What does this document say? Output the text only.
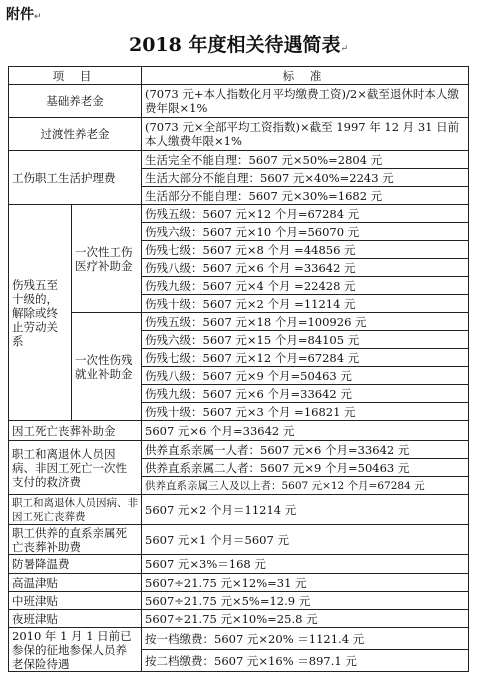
附件↵
2018 年度相关待遇简表↵
项 目		标 准
基础养老金		(7073 元+本人指数化月平均缴费工资)/2×截至退休时本人缴费年限×1%
过渡性养老金		(7073 元×全部平均工资指数)×截至 1997 年 12 月 31 日前本人缴费年限×1%
工伤职工生活护理费		生活完全不能自理：5607 元×50%=2804 元
		生活大部分不能自理：5607 元×40%=2243 元
		生活部分不能自理：5607 元×30%=1682 元
伤残五至十级的，解除或终止劳动关系	一次性工伤医疗补助金	伤残五级：5607 元×12 个月=67284 元
		伤残六级：5607 元×10 个月=56070 元
		伤残七级：5607 元×8 个月 =44856 元
		伤残八级：5607 元×6 个月 =33642 元
		伤残九级：5607 元×4 个月 =22428 元
		伤残十级：5607 元×2 个月 =11214 元
	一次性伤残就业补助金	伤残五级：5607 元×18 个月=100926 元
		伤残六级：5607 元×15 个月=84105 元
		伤残七级：5607 元×12 个月=67284 元
		伤残八级：5607 元×9 个月=50463 元
		伤残九级：5607 元×6 个月=33642 元
		伤残十级：5607 元×3 个月 =16821 元
因工死亡丧葬补助金		5607 元×6 个月=33642 元
职工和离退休人员因病、非因工死亡一次性支付的救济费		供养直系亲属一人者：5607 元×6 个月=33642 元
		供养直系亲属二人者：5607 元×9 个月=50463 元
		供养直系亲属三人及以上者：5607 元×12 个月=67284 元
职工和离退休人员因病、非因工死亡丧葬费		5607 元×2 个月＝11214 元
职工供养的直系亲属死亡丧葬补助费		5607 元×1 个月＝5607 元
防暑降温费		5607 元×3%＝168 元
高温津贴		5607÷21.75 元×12%=31 元
中班津贴		5607÷21.75 元×5%=12.9 元
夜班津贴		5607÷21.75 元×10%=25.8 元
2010 年 1 月 1 日前已参保的征地参保人员养老保险待遇		按一档缴费：5607 元×20% ＝1121.4 元
		按二档缴费：5607 元×16% ＝897.1 元
